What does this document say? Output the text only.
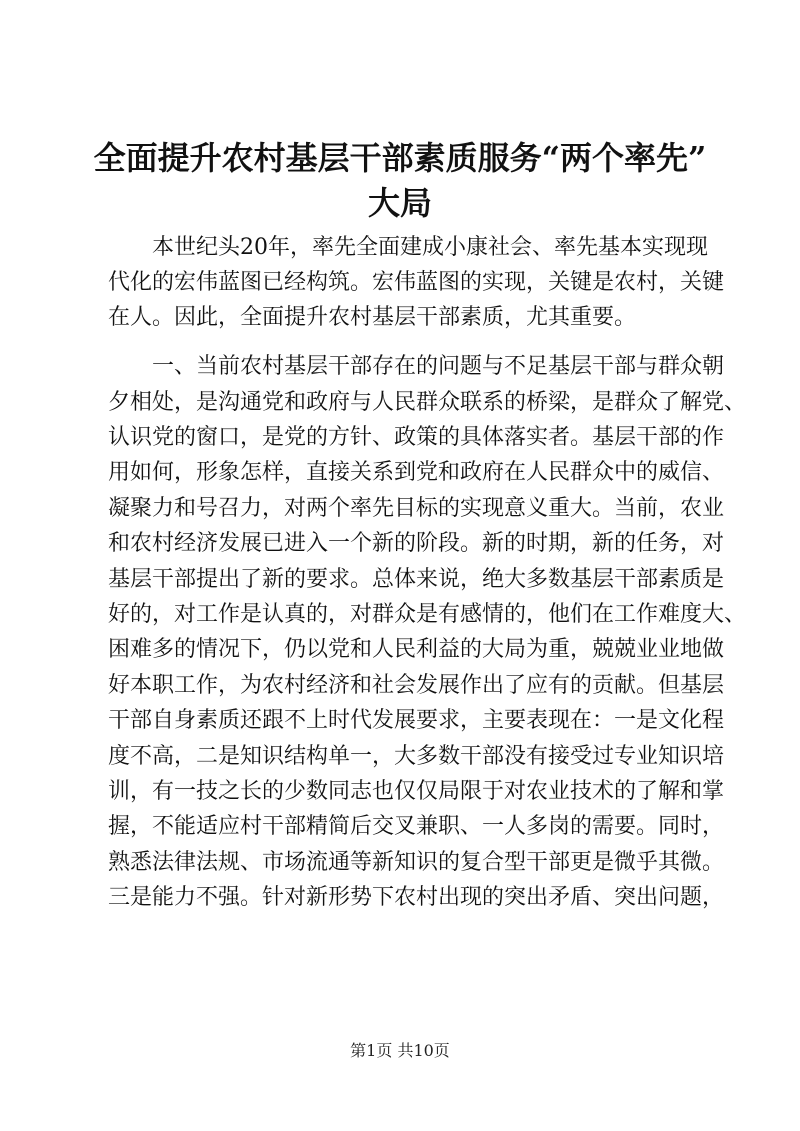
全面提升农村基层干部素质服务“两个率先”
大局
本世纪头20年，率先全面建成小康社会、率先基本实现现
代化的宏伟蓝图已经构筑。宏伟蓝图的实现，关键是农村，关键
在人。因此，全面提升农村基层干部素质，尤其重要。
一、当前农村基层干部存在的问题与不足基层干部与群众朝
夕相处，是沟通党和政府与人民群众联系的桥梁，是群众了解党、
认识党的窗口，是党的方针、政策的具体落实者。基层干部的作
用如何，形象怎样，直接关系到党和政府在人民群众中的威信、
凝聚力和号召力，对两个率先目标的实现意义重大。当前，农业
和农村经济发展已进入一个新的阶段。新的时期，新的任务，对
基层干部提出了新的要求。总体来说，绝大多数基层干部素质是
好的，对工作是认真的，对群众是有感情的，他们在工作难度大、
困难多的情况下，仍以党和人民利益的大局为重，兢兢业业地做
好本职工作，为农村经济和社会发展作出了应有的贡献。但基层
干部自身素质还跟不上时代发展要求，主要表现在：一是文化程
度不高，二是知识结构单一，大多数干部没有接受过专业知识培
训，有一技之长的少数同志也仅仅局限于对农业技术的了解和掌
握，不能适应村干部精简后交叉兼职、一人多岗的需要。同时，
熟悉法律法规、市场流通等新知识的复合型干部更是微乎其微。
三是能力不强。针对新形势下农村出现的突出矛盾、突出问题，
第1页 共10页
